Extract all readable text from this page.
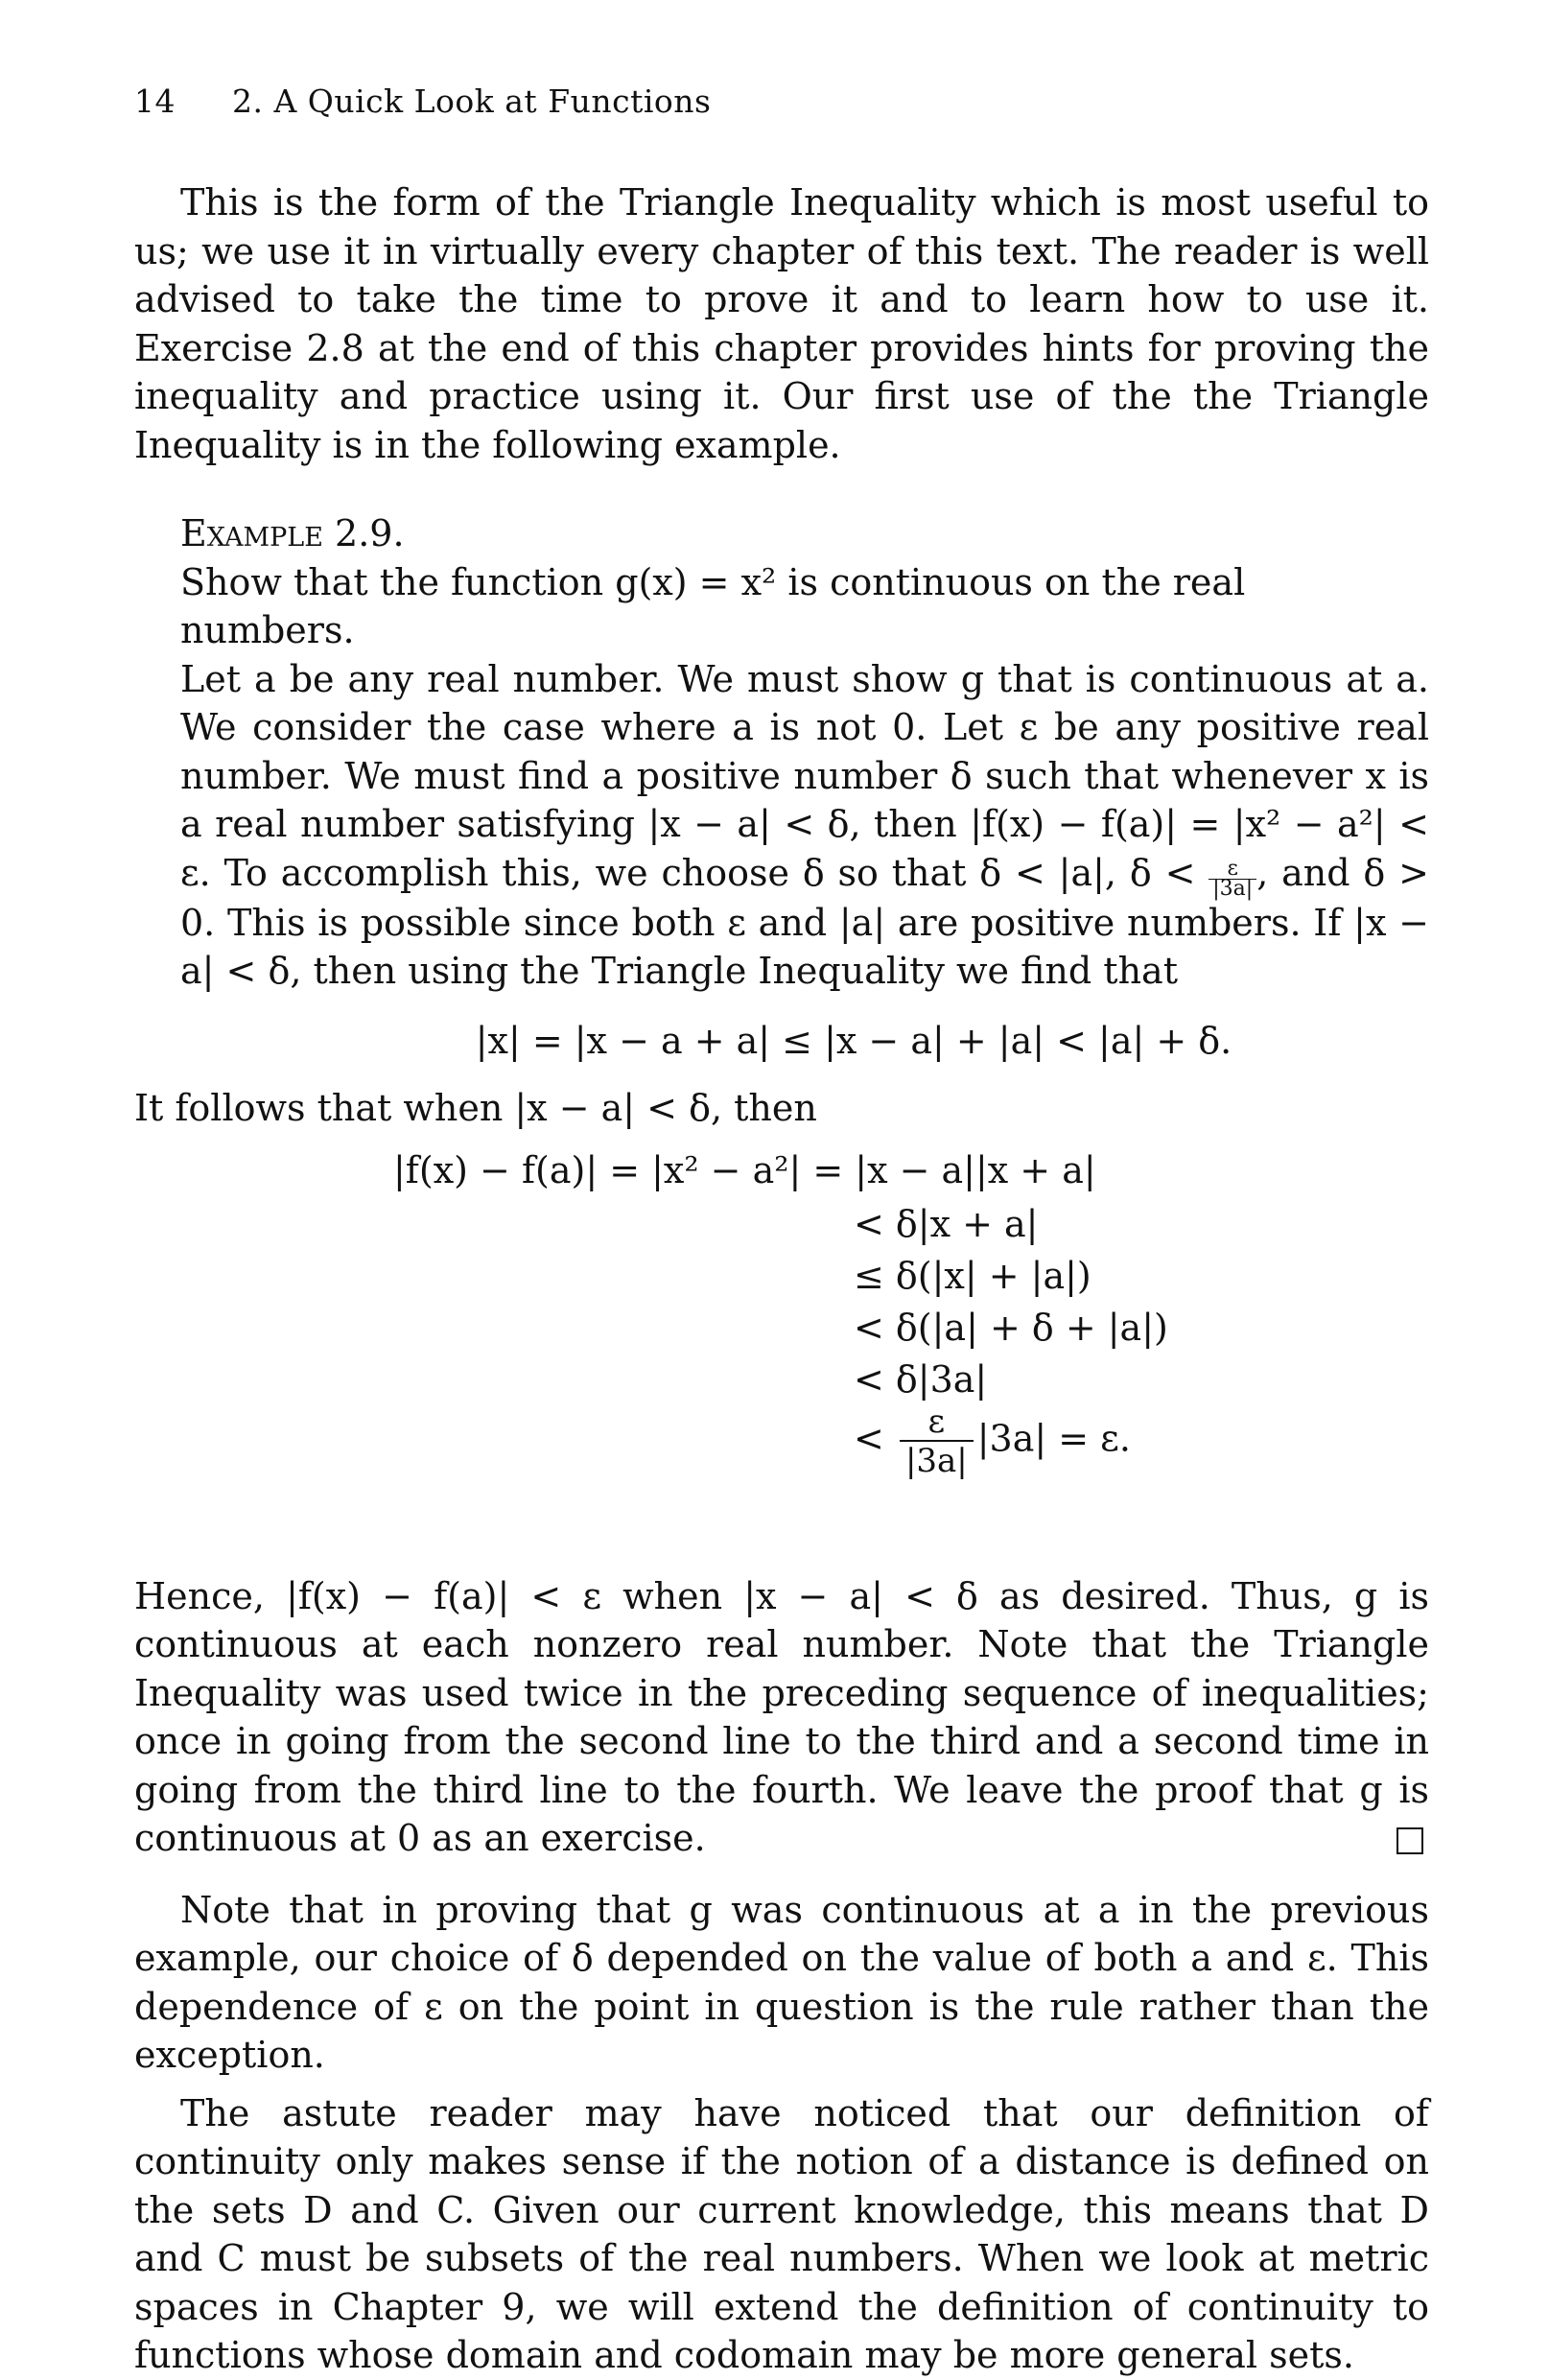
14 2. A Quick Look at Functions

This is the form of the Triangle Inequality which is most useful to us; we use it in virtually every chapter of this text. The reader is well advised to take the time to prove it and to learn how to use it. Exercise 2.8 at the end of this chapter provides hints for proving the inequality and practice using it. Our first use of the the Triangle Inequality is in the following example.

Example 2.9.
Show that the function g(x) = x² is continuous on the real numbers.

Let a be any real number. We must show g that is continuous at a. We consider the case where a is not 0. Let ε be any positive real number. We must find a positive number δ such that whenever x is a real number satisfying |x − a| < δ, then |f(x) − f(a)| = |x² − a²| < ε. To accomplish this, we choose δ so that δ < |a|, $\delta < \frac{\varepsilon}{|3a|}$ , and δ > 0. This is possible since both ε and |a| are positive numbers. If |x − a| < δ, then using the Triangle Inequality we find that

|x| = |x − a + a| ≤ |x − a| + |a| < |a| + δ.

It follows that when |x − a| < δ, then

|f(x) − f(a)| = |x² − a²| = |x − a||x + a|
< δ|x + a|
≤ δ(|x| + |a|)
< δ(|a| + δ + |a|)
< δ|3a|
< $\frac{\varepsilon}{|3a|} |3a| = \varepsilon$.

Hence, |f(x) − f(a)| < ε when |x − a| < δ as desired. Thus, g is continuous at each nonzero real number. Note that the Triangle Inequality was used twice in the preceding sequence of inequalities; once in going from the second line to the third and a second time in going from the third line to the fourth. We leave the proof that g is continuous at 0 as an exercise.

Note that in proving that g was continuous at a in the previous example, our choice of δ depended on the value of both a and ε. This dependence of ε on the point in question is the rule rather than the exception.

The astute reader may have noticed that our definition of continuity only makes sense if the notion of a distance is defined on the sets D and C. Given our current knowledge, this means that D and C must be subsets of the real numbers. When we look at metric spaces in Chapter 9, we will extend the definition of continuity to functions whose domain and codomain may be more general sets.
